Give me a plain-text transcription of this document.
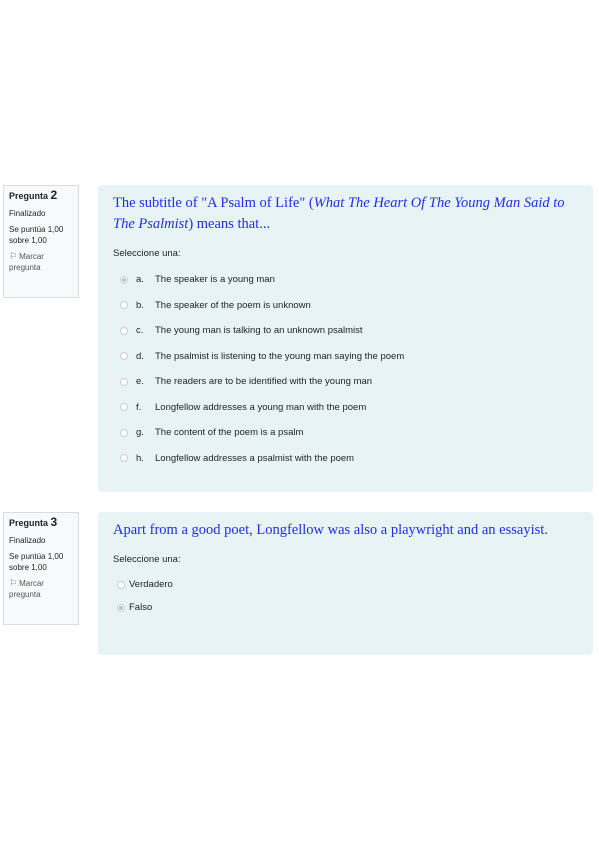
Pregunta 2
Finalizado
Se puntúa 1,00 sobre 1,00
⚐ Marcar pregunta

The subtitle of "A Psalm of Life" (What The Heart Of The Young Man Said to The Psalmist) means that...

Seleccione una:
a.	The speaker is a young man
b.	The speaker of the poem is unknown
c.	The young man is talking to an unknown psalmist
d.	The psalmist is listening to the young man saying the poem
e.	The readers are to be identified with the young man
f.	Longfellow addresses a young man with the poem
g.	The content of the poem is a psalm
h.	Longfellow addresses a psalmist with the poem
Pregunta 3
Finalizado
Se puntúa 1,00 sobre 1,00
⚐ Marcar pregunta

Apart from a good poet, Longfellow was also a playwright and an essayist.

Seleccione una:
Verdadero
Falso
